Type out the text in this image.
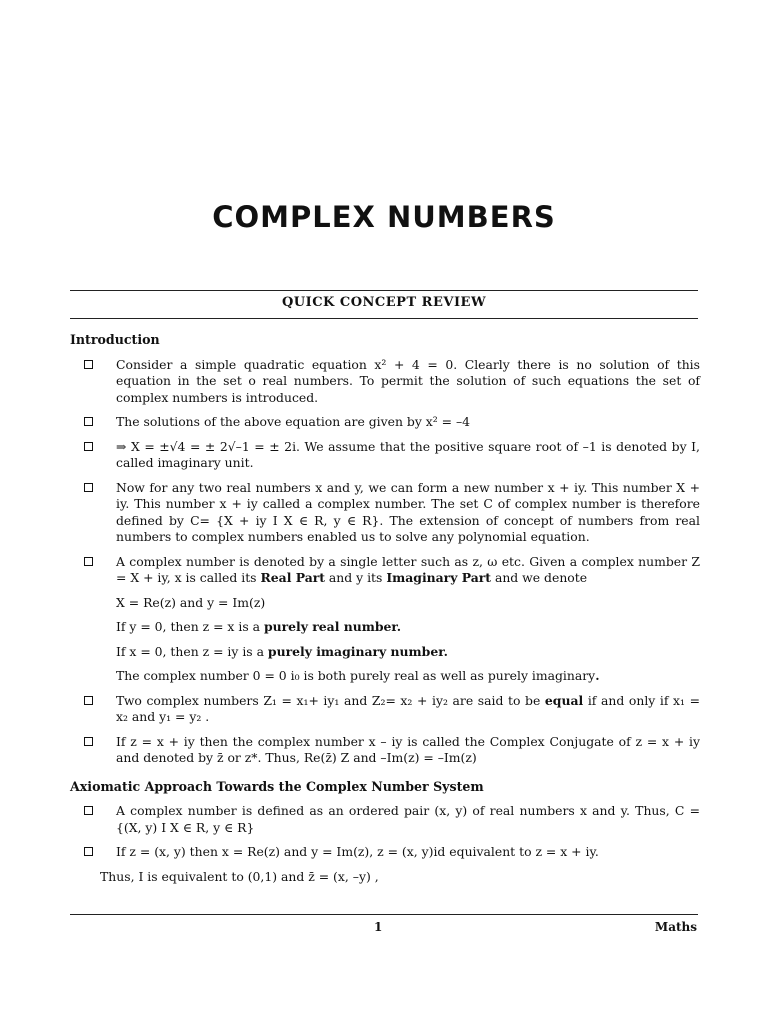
COMPLEX NUMBERS
QUICK CONCEPT REVIEW
Introduction
Consider a simple quadratic equation x² + 4 = 0. Clearly there is no solution of this equation in the set o real numbers. To permit the solution of such equations the set of complex numbers is introduced.
The solutions of the above equation are given by x² = –4
⇒ X = ±√4 = ± 2√–1 = ± 2i. We assume that the positive square root of –1 is denoted by I, called imaginary unit.
Now for any two real numbers x and y, we can form a new number x + iy. This number X + iy. This number x + iy called a complex number. The set C of complex number is therefore defined by C= {X + iy I X ∈ R, y ∈ R}. The extension of concept of numbers from real numbers to complex numbers enabled us to solve any polynomial equation.
A complex number is denoted by a single letter such as z, ω etc. Given a complex number Z = X + iy, x is called its Real Part and y its Imaginary Part and we denote
X = Re(z) and y = Im(z)
If y = 0, then z = x is a purely real number.
If x = 0, then z = iy is a purely imaginary number.
The complex number 0 = 0 i₀ is both purely real as well as purely imaginary.
Two complex numbers Z₁ = x₁+ iy₁ and Z₂= x₂ + iy₂ are said to be equal if and only if x₁ = x₂ and y₁ = y₂ .
If z = x + iy then the complex number x – iy is called the Complex Conjugate of z = x + iy and denoted by z̄ or z*. Thus, Re(z̄) Z and –Im(z) = –Im(z)
Axiomatic Approach Towards the Complex Number System
A complex number is defined as an ordered pair (x, y) of real numbers x and y. Thus, C = {(X, y) I X ∈ R, y ∈ R}
If z = (x, y) then x = Re(z) and y = Im(z), z = (x, y)id equivalent to z = x + iy.
Thus, I is equivalent to (0,1) and z̄ = (x, –y) ,
1	Maths
